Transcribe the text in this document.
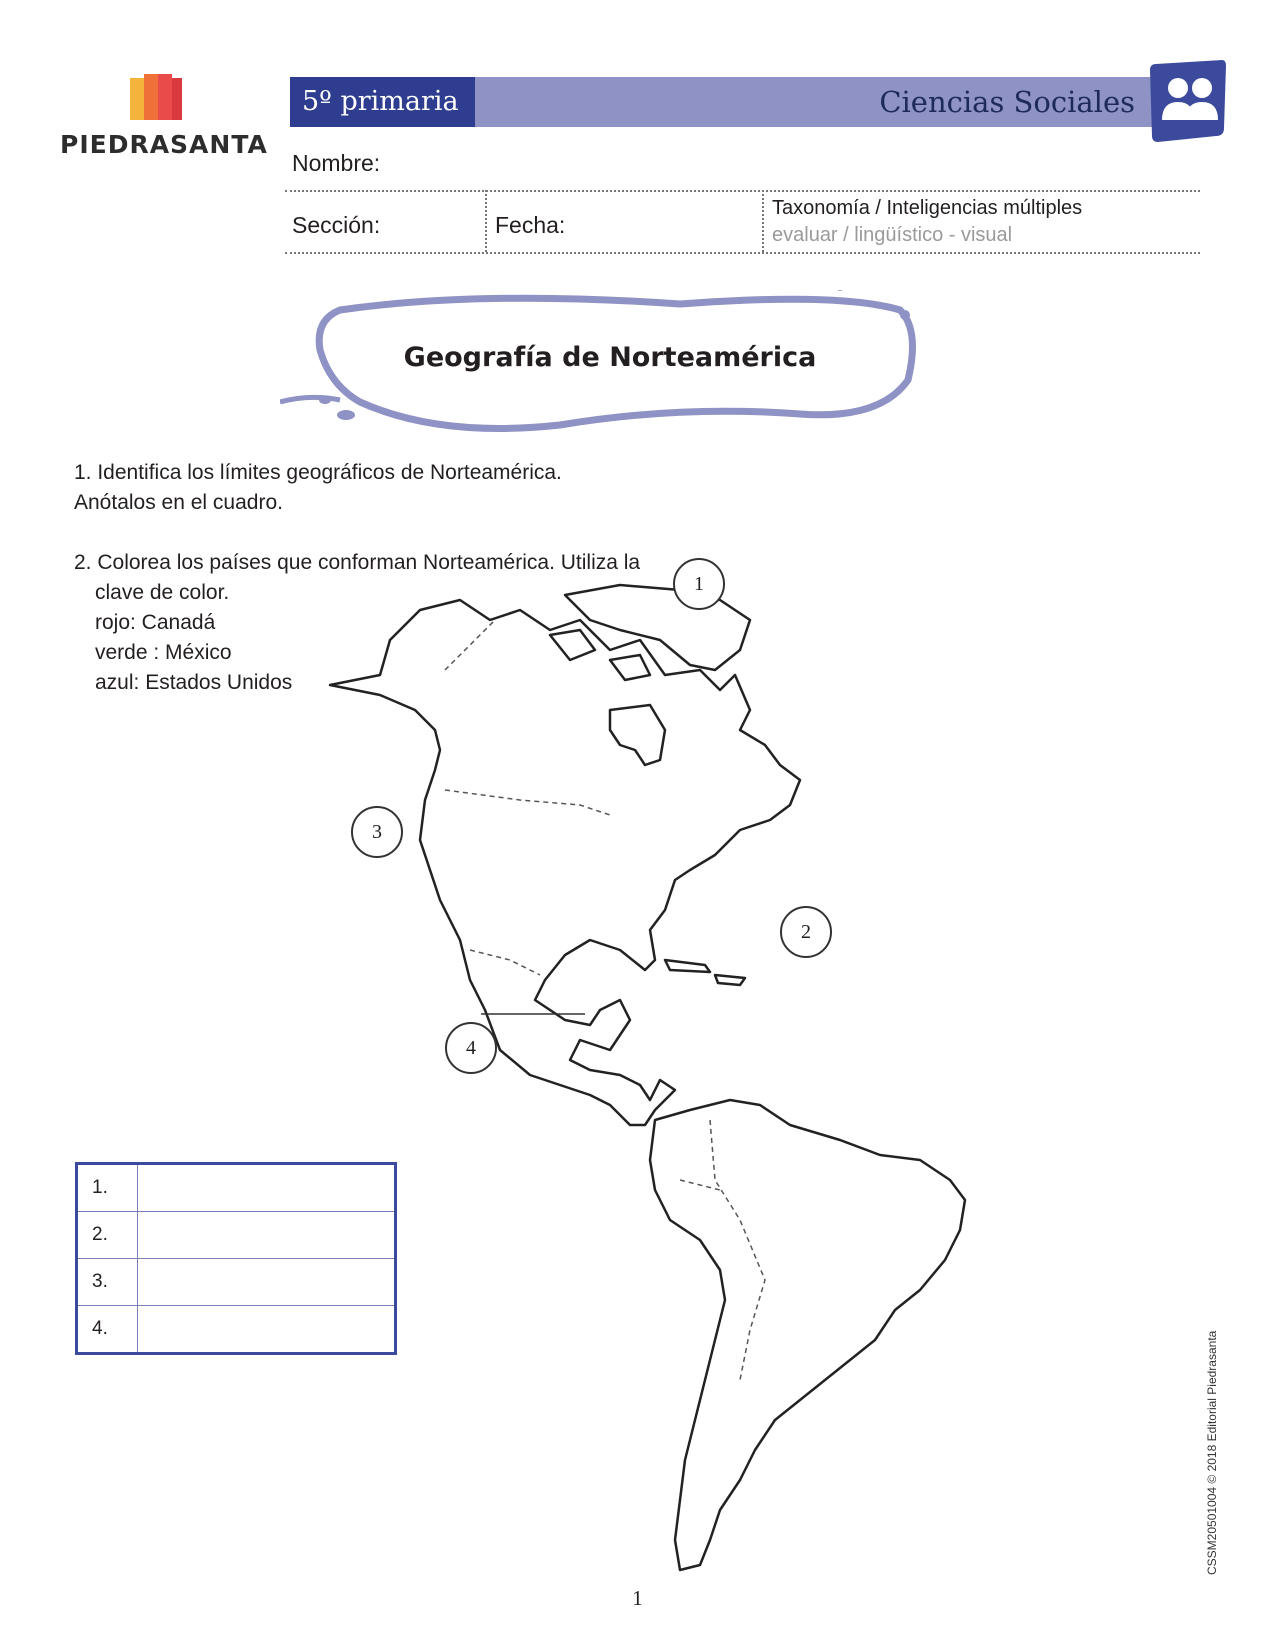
PIEDRASANTA
5º primaria	Ciencias Sociales
Nombre:
Sección:	Fecha:
Taxonomía / Inteligencias múltiples
evaluar / lingüístico - visual
Geografía de Norteamérica
1. Identifica los límites geográficos de Norteamérica.
Anótalos en el cuadro.
2. Colorea los países que conforman Norteamérica. Utiliza la
clave de color.
rojo: Canadá
verde : México
azul: Estados Unidos
1
2
3
4
1.	
2.	
3.	
4.	
1
CSSM20501004 © 2018 Editorial Piedrasanta
